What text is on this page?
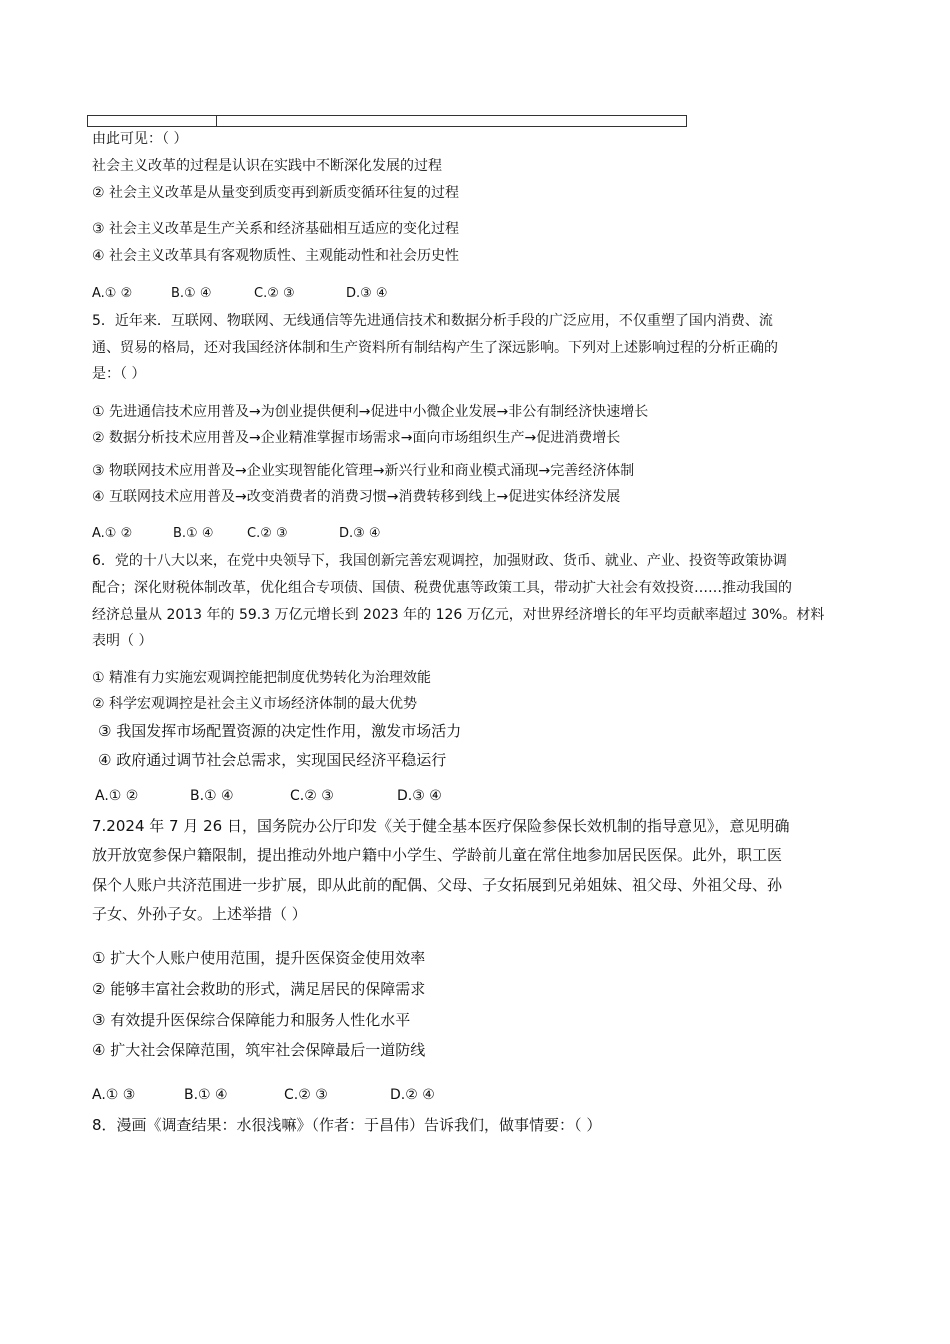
由此可见：（ ）
社会主义改革的过程是认识在实践中不断深化发展的过程
② 社会主义改革是从量变到质变再到新质变循环往复的过程
③ 社会主义改革是生产关系和经济基础相互适应的变化过程
④ 社会主义改革具有客观物质性、主观能动性和社会历史性
A.① ②	B.① ④	C.② ③	D.③ ④
5．近年来．互联网、物联网、无线通信等先进通信技术和数据分析手段的广泛应用，不仅重塑了国内消费、流
通、贸易的格局，还对我国经济体制和生产资料所有制结构产生了深远影响。下列对上述影响过程的分析正确的
是：（ ）
① 先进通信技术应用普及→为创业提供便利→促进中小微企业发展→非公有制经济快速增长
② 数据分析技术应用普及→企业精准掌握市场需求→面向市场组织生产→促进消费增长
③ 物联网技术应用普及→企业实现智能化管理→新兴行业和商业模式涌现→完善经济体制
④ 互联网技术应用普及→改变消费者的消费习惯→消费转移到线上→促进实体经济发展
A.① ②	B.① ④	C.② ③	D.③ ④
6．党的十八大以来，在党中央领导下，我国创新完善宏观调控，加强财政、货币、就业、产业、投资等政策协调
配合；深化财税体制改革，优化组合专项债、国债、税费优惠等政策工具，带动扩大社会有效投资……推动我国的
经济总量从 2013 年的 59.3 万亿元增长到 2023 年的 126 万亿元，对世界经济增长的年平均贡献率超过 30%。材料
表明（ ）
① 精准有力实施宏观调控能把制度优势转化为治理效能
② 科学宏观调控是社会主义市场经济体制的最大优势
③ 我国发挥市场配置资源的决定性作用，激发市场活力
④ 政府通过调节社会总需求，实现国民经济平稳运行
A.① ②	B.① ④	C.② ③	D.③ ④
7.2024 年 7 月 26 日，国务院办公厅印发《关于健全基本医疗保险参保长效机制的指导意见》，意见明确
放开放宽参保户籍限制，提出推动外地户籍中小学生、学龄前儿童在常住地参加居民医保。此外，职工医
保个人账户共济范围进一步扩展，即从此前的配偶、父母、子女拓展到兄弟姐妹、祖父母、外祖父母、孙
子女、外孙子女。上述举措（ ）
① 扩大个人账户使用范围，提升医保资金使用效率
② 能够丰富社会救助的形式，满足居民的保障需求
③ 有效提升医保综合保障能力和服务人性化水平
④ 扩大社会保障范围，筑牢社会保障最后一道防线
A.① ③	B.① ④	C.② ③	D.② ④
8．漫画《调查结果：水很浅嘛》（作者：于昌伟）告诉我们，做事情要：（ ）
